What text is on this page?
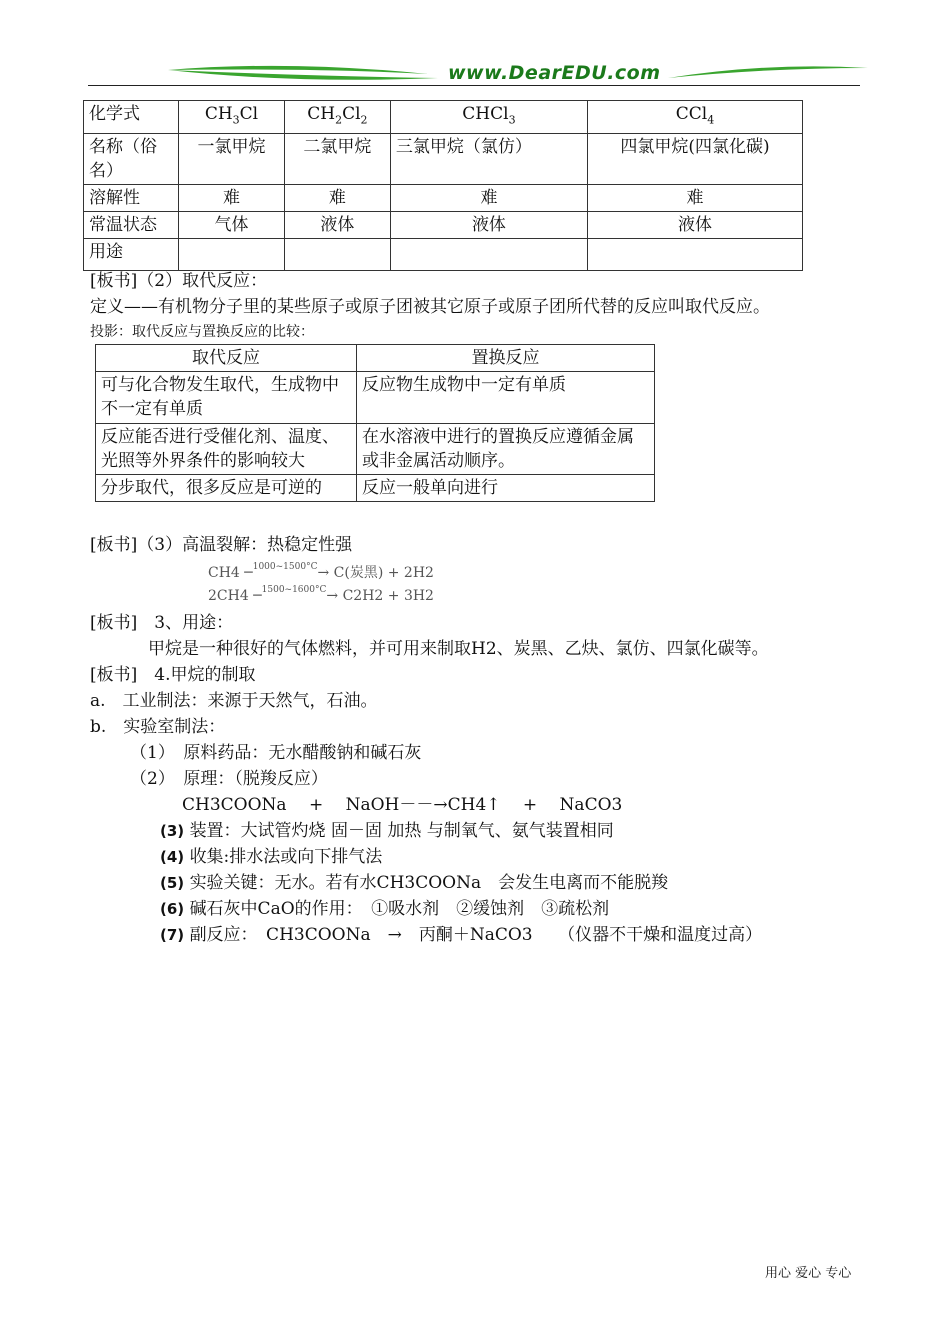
www.DearEDU.com
化学式	$CH_3Cl$	$CH_2Cl_2$	CHCl$_3$	CCl$_4$
名称（俗名）	一氯甲烷	二氯甲烷	三氯甲烷（氯仿）	四氯甲烷(四氯化碳)
溶解性	难	难	难	难
常温状态	气体	液体	液体	液体
用途				
[板书]（2）取代反应：
定义——有机物分子里的某些原子或原子团被其它原子或原子团所代替的反应叫取代反应。
投影：取代反应与置换反应的比较：
取代反应	置换反应
可与化合物发生取代，生成物中不一定有单质	反应物生成物中一定有单质
反应能否进行受催化剂、温度、光照等外界条件的影响较大	在水溶液中进行的置换反应遵循金属或非金属活动顺序。
分步取代，很多反应是可逆的	反应一般单向进行
[板书]（3）高温裂解：热稳定性强
CH4 ─$^{1000\sim 1500^\circ C}$→ C(炭黑) + 2H2
2CH4 ─$^{1500\sim 1600^\circ C}$→ C2H2 + 3H2
[板书]　3、用途：
甲烷是一种很好的气体燃料，并可用来制取H2、炭黑、乙炔、氯仿、四氯化碳等。
[板书]　4.甲烷的制取
a.　工业制法：来源于天然气，石油。
b.　实验室制法：
（1）　原料药品：无水醋酸钠和碱石灰
（2）　原理：（脱羧反应）
CH3COONa　 + 　NaOH－－→CH4↑　 + 　NaCO3
(3) 装置：大试管灼烧 固－固 加热 与制氧气、氨气装置相同
(4) 收集:排水法或向下排气法
(5) 实验关键：无水。若有水CH3COONa　会发生电离而不能脱羧
(6) 碱石灰中CaO的作用：　①吸水剂　②缓蚀剂　③疏松剂
(7) 副反应：　CH3COONa　→　丙酮＋NaCO3　　（仪器不干燥和温度过高）
用心 爱心 专心
